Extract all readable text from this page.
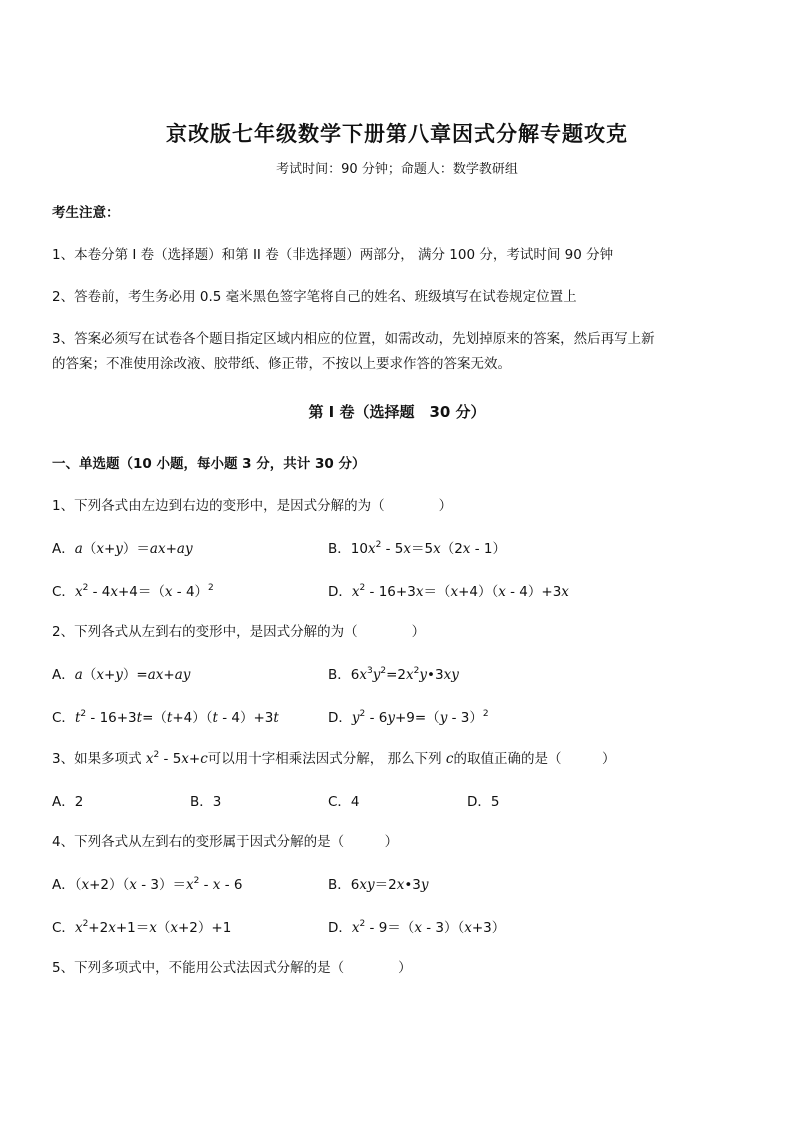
京改版七年级数学下册第八章因式分解专题攻克
考试时间：90 分钟；命题人：数学教研组
考生注意：
1、本卷分第 I 卷（选择题）和第 II 卷（非选择题）两部分， 满分 100 分，考试时间 90 分钟
2、答卷前，考生务必用 0.5 毫米黑色签字笔将自己的姓名、班级填写在试卷规定位置上
3、答案必须写在试卷各个题目指定区域内相应的位置，如需改动，先划掉原来的答案，然后再写上新
的答案；不准使用涂改液、胶带纸、修正带，不按以上要求作答的答案无效。
第 I 卷（选择题　30 分）
一、单选题（10 小题，每小题 3 分，共计 30 分）
1、下列各式由左边到右边的变形中，是因式分解的为（　　　　）
A．a（x+y）＝ax+ay	B．$10x^2 - 5x=5x(2x - 1)$
C．$x^2 - 4x+4=(x - 4)^2$	D．$x^2 - 16+3x=(x+4)(x - 4)+3x$
2、下列各式从左到右的变形中，是因式分解的为（　　　　）
A．a（x+y）=ax+ay	B．$6x^3y^2=2x^2y•3xy$
C．$t^2 - 16+3t=(t+4)(t - 4)+3t$	D．$y^2 - 6y+9=(y - 3)^2$
3、如果多项式 $x^2 - 5x+c$可以用十字相乘法因式分解， 那么下列 c的取值正确的是（　　　）
A．2	B．3	C．4	D．5
4、下列各式从左到右的变形属于因式分解的是（　　　）
A．$(x+2)(x - 3)=x^2 - x - 6$	B．6xy＝2x•3y
C．$x^2+2x+1=x(x+2)+1$	D．$x^2 - 9=(x - 3)(x+3)$
5、下列多项式中，不能用公式法因式分解的是（　　　　）
